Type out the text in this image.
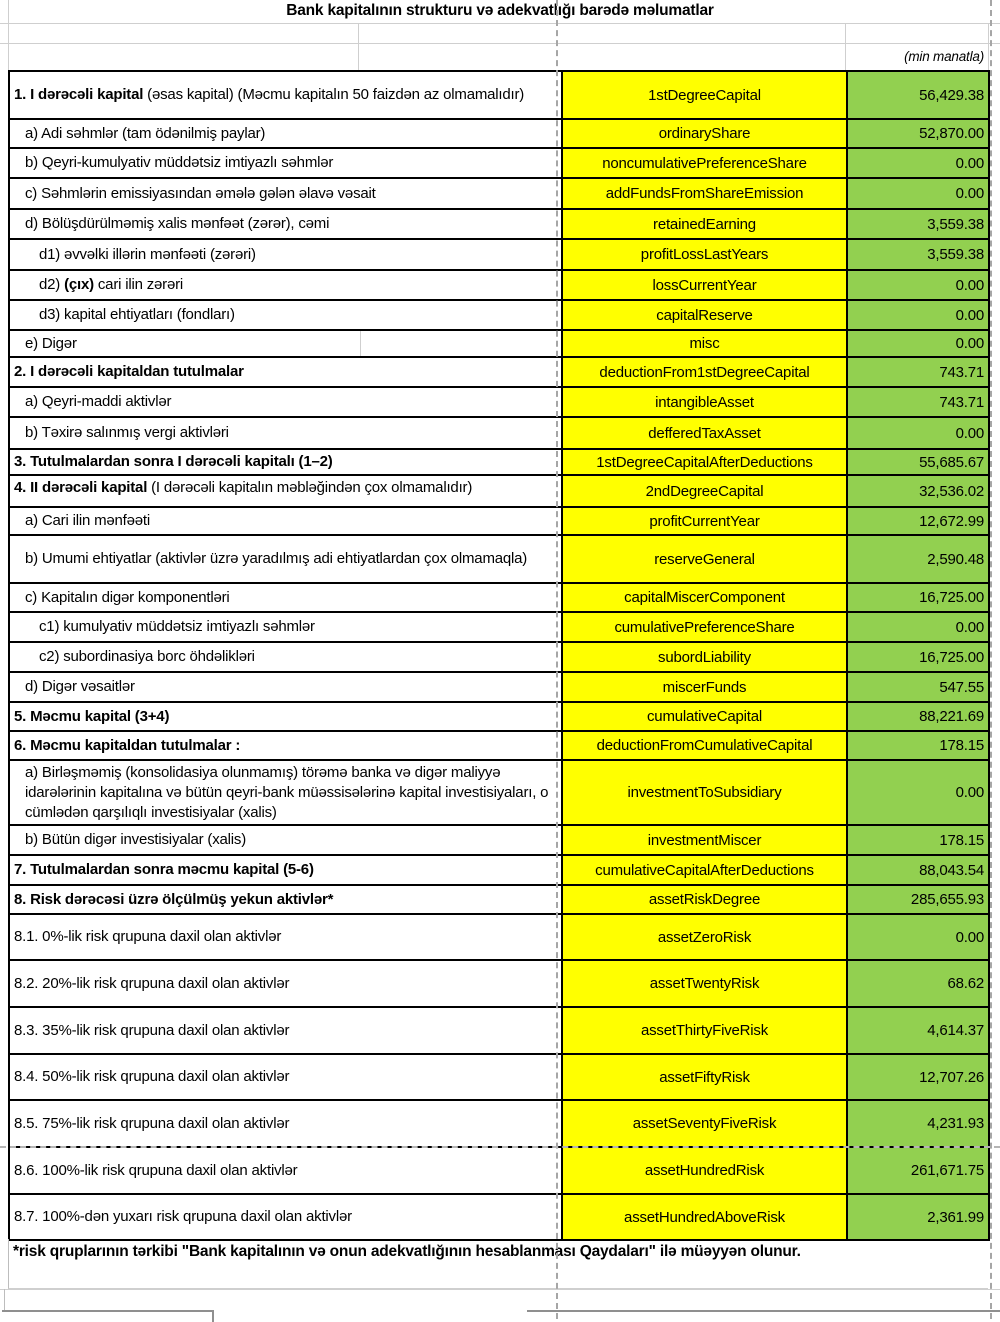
Bank kapitalının strukturu və adekvatlığı barədə məlumatlar
(min manatla)
1. I dərəcəli kapital (əsas kapital) (Məcmu kapitalın 50 faizdən az olmamalıdır)	1stDegreeCapital	56,429.38
a) Adi səhmlər (tam ödənilmiş paylar)	ordinaryShare	52,870.00
b) Qeyri-kumulyativ müddətsiz imtiyazlı səhmlər	noncumulativePreferenceShare	0.00
c) Səhmlərin emissiyasından əmələ gələn əlavə vəsait	addFundsFromShareEmission	0.00
d) Bölüşdürülməmiş xalis mənfəət (zərər), cəmi	retainedEarning	3,559.38
d1) əvvəlki illərin mənfəəti (zərəri)	profitLossLastYears	3,559.38
d2) (çıx) cari ilin zərəri	lossCurrentYear	0.00
d3) kapital ehtiyatları (fondları)	capitalReserve	0.00
e) Digər	misc	0.00
2. I dərəcəli kapitaldan tutulmalar	deductionFrom1stDegreeCapital	743.71
a) Qeyri-maddi aktivlər	intangibleAsset	743.71
b) Təxirə salınmış vergi aktivləri	defferedTaxAsset	0.00
3. Tutulmalardan sonra I dərəcəli kapitalı (1–2)	1stDegreeCapitalAfterDeductions	55,685.67
4. II dərəcəli kapital (I dərəcəli kapitalın məbləğindən çox olmamalıdır)	2ndDegreeCapital	32,536.02
a) Cari ilin mənfəəti	profitCurrentYear	12,672.99
b) Umumi ehtiyatlar (aktivlər üzrə yaradılmış adi ehtiyatlardan çox olmamaqla)	reserveGeneral	2,590.48
c) Kapitalın digər komponentləri	capitalMiscerComponent	16,725.00
c1) kumulyativ müddətsiz imtiyazlı səhmlər	cumulativePreferenceShare	0.00
c2) subordinasiya borc öhdəlikləri	subordLiability	16,725.00
d) Digər vəsaitlər	miscerFunds	547.55
5. Məcmu kapital (3+4)	cumulativeCapital	88,221.69
6. Məcmu kapitaldan tutulmalar :	deductionFromCumulativeCapital	178.15
a) Birləşməmiş (konsolidasiya olunmamış) törəmə banka və digər maliyyə idarələrinin kapitalına və bütün qeyri-bank müəssisələrinə kapital investisiyaları, o cümlədən qarşılıqlı investisiyalar (xalis)
investmentToSubsidiary	0.00
b) Bütün digər investisiyalar (xalis)	investmentMiscer	178.15
7. Tutulmalardan sonra məcmu kapital (5-6)	cumulativeCapitalAfterDeductions	88,043.54
8. Risk dərəcəsi üzrə ölçülmüş yekun aktivlər*	assetRiskDegree	285,655.93
8.1. 0%-lik risk qrupuna daxil olan aktivlər	assetZeroRisk	0.00
8.2. 20%-lik risk qrupuna daxil olan aktivlər	assetTwentyRisk	68.62
8.3. 35%-lik risk qrupuna daxil olan aktivlər	assetThirtyFiveRisk	4,614.37
8.4. 50%-lik risk qrupuna daxil olan aktivlər	assetFiftyRisk	12,707.26
8.5. 75%-lik risk qrupuna daxil olan aktivlər	assetSeventyFiveRisk	4,231.93
8.6. 100%-lik risk qrupuna daxil olan aktivlər	assetHundredRisk	261,671.75
8.7. 100%-dən yuxarı risk qrupuna daxil olan aktivlər	assetHundredAboveRisk	2,361.99
*risk qruplarının tərkibi "Bank kapitalının və onun adekvatlığının hesablanması Qaydaları" ilə müəyyən olunur.
